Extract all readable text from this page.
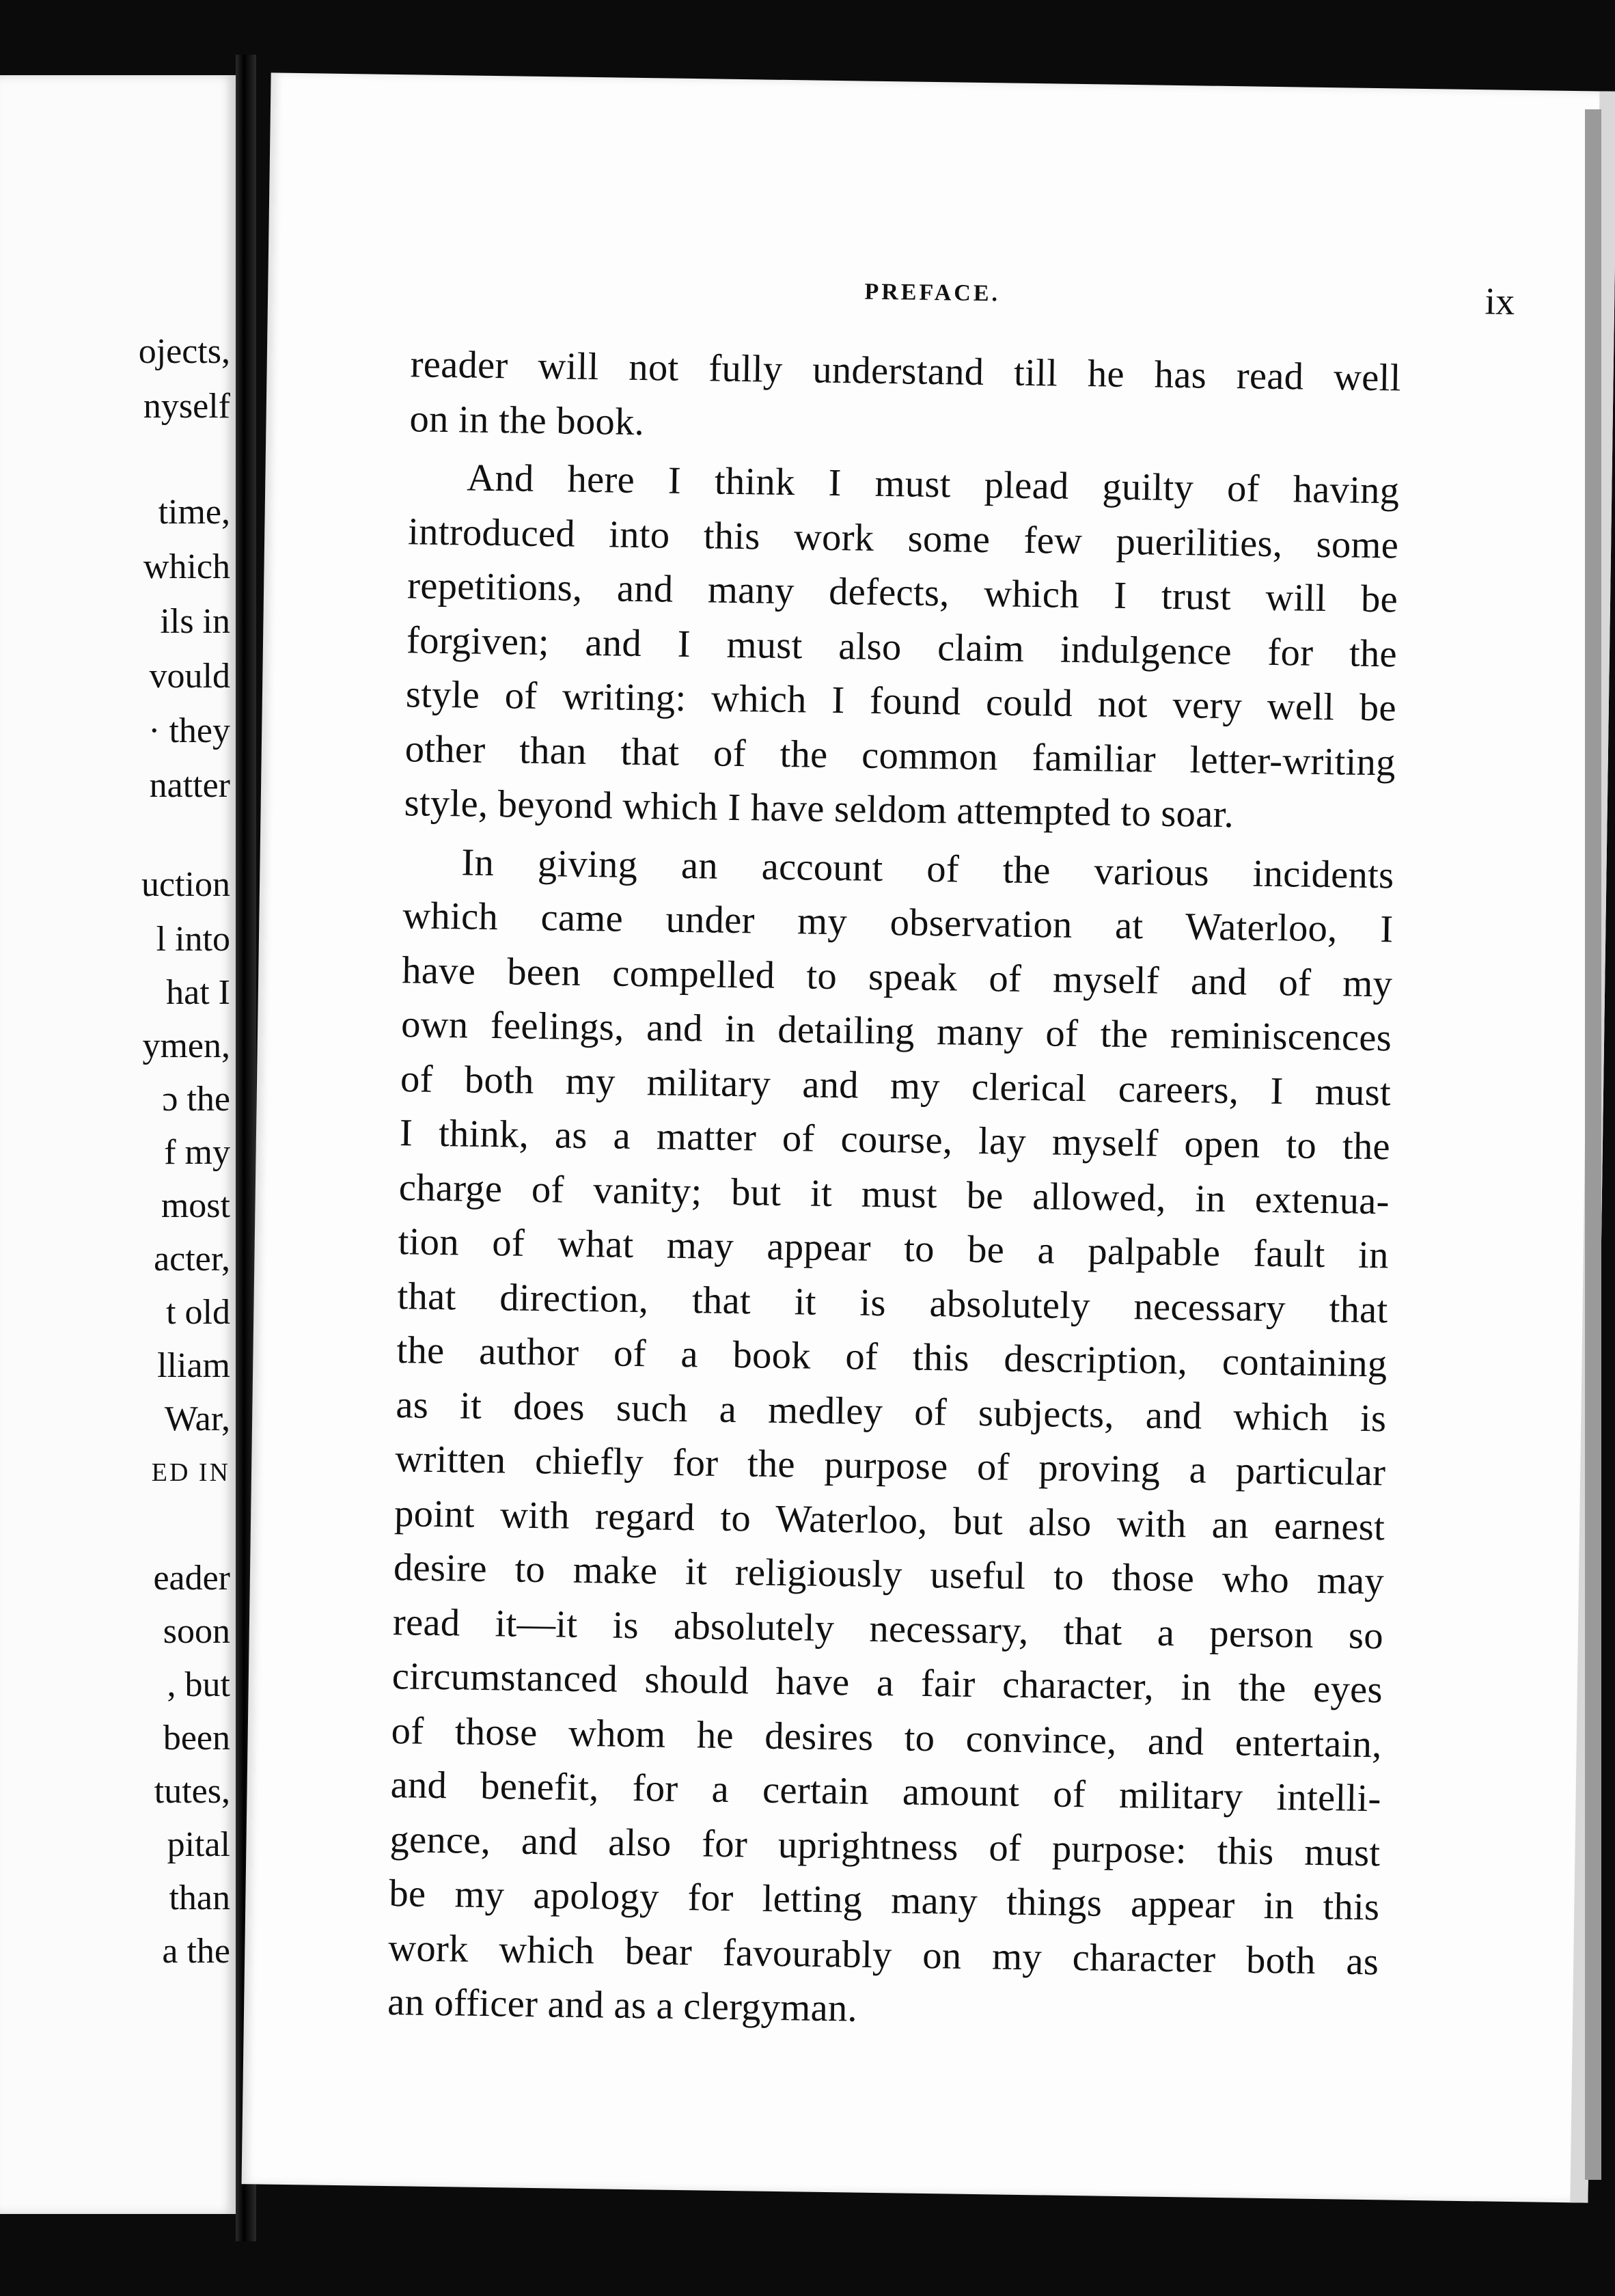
ojects,

nyself

time,

which

ils in

vould

· they

natter

uction

l into

hat I

ymen,

ɔ the

f my

most

acter,

t old

lliam

War,

ED IN

eader

soon

, but

been

tutes,

pital

than

a the

PREFACE.	ix

reader will not fully understand till he has read well
on in the book.
And here I think I must plead guilty of having
introduced into this work some few puerilities, some
repetitions, and many defects, which I trust will be
forgiven; and I must also claim indulgence for the
style of writing: which I found could not very well be
other than that of the common familiar letter-writing
style, beyond which I have seldom attempted to soar.
In giving an account of the various incidents
which came under my observation at Waterloo, I
have been compelled to speak of myself and of my
own feelings, and in detailing many of the reminiscences
of both my military and my clerical careers, I must
I think, as a matter of course, lay myself open to the
charge of vanity; but it must be allowed, in extenua-
tion of what may appear to be a palpable fault in
that direction, that it is absolutely necessary that
the author of a book of this description, containing
as it does such a medley of subjects, and which is
written chiefly for the purpose of proving a particular
point with regard to Waterloo, but also with an earnest
desire to make it religiously useful to those who may
read it—it is absolutely necessary, that a person so
circumstanced should have a fair character, in the eyes
of those whom he desires to convince, and entertain,
and benefit, for a certain amount of military intelli-
gence, and also for uprightness of purpose: this must
be my apology for letting many things appear in this
work which bear favourably on my character both as
an officer and as a clergyman.
